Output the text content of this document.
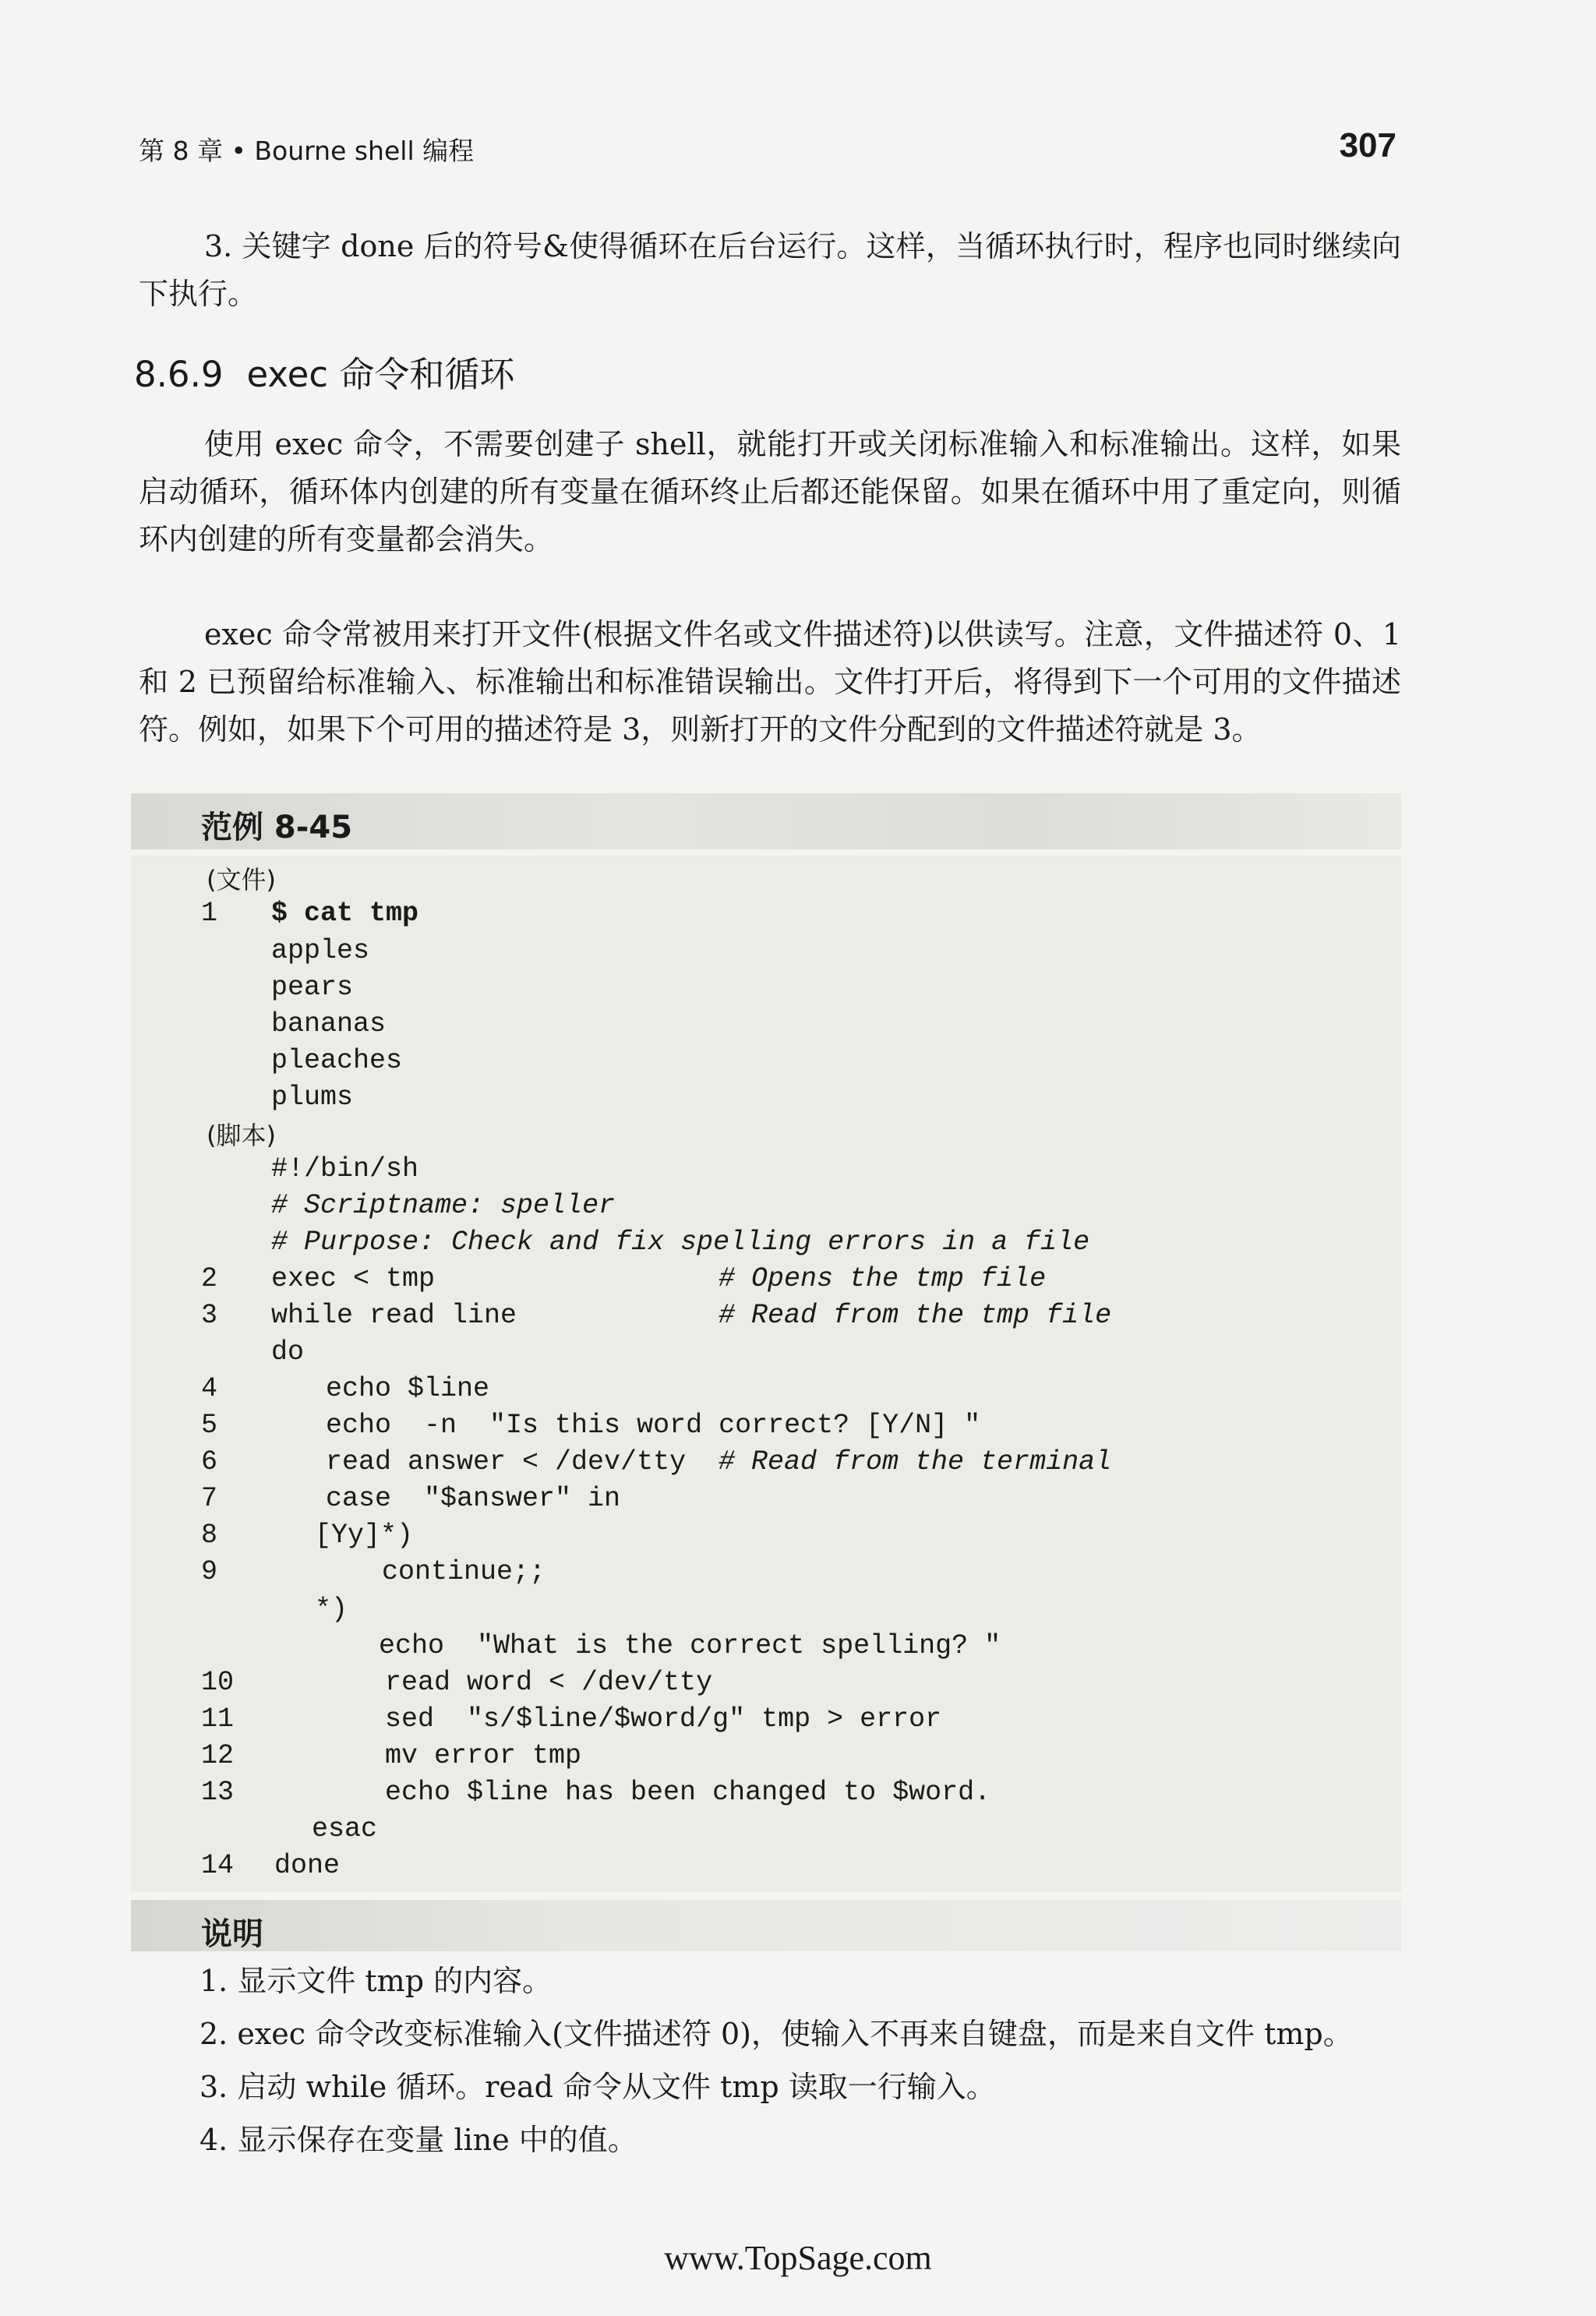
第 8 章 • Bourne shell 编程	307

3. 关键字 done 后的符号&使得循环在后台运行。这样，当循环执行时，程序也同时继续向下执行。

8.6.9 exec 命令和循环

使用 exec 命令，不需要创建子 shell，就能打开或关闭标准输入和标准输出。这样，如果启动循环，循环体内创建的所有变量在循环终止后都还能保留。如果在循环中用了重定向，则循环内创建的所有变量都会消失。

exec 命令常被用来打开文件(根据文件名或文件描述符)以供读写。注意，文件描述符 0、1 和 2 已预留给标准输入、标准输出和标准错误输出。文件打开后，将得到下一个可用的文件描述符。例如，如果下个可用的描述符是 3，则新打开的文件分配到的文件描述符就是 3。

范例 8-45
(文件)
(脚本)
1 $ cat tmp
apples
pears
bananas
pleaches
plums
#!/bin/sh
# Scriptname: speller
# Purpose: Check and fix spelling errors in a file
2 exec < tmp	# Opens the tmp file
3 while read line	# Read from the tmp file
do
4	echo $line
5	echo  -n  "Is this word correct? [Y/N] "
6	read answer < /dev/tty # Read from the terminal
7	case  "$answer" in
8	[Yy]*)
9	continue;;
*)
echo  "What is the correct spelling? "
10	read word < /dev/tty
11	sed  "s/$line/$word/g" tmp > error
12	mv error tmp
13	echo $line has been changed to $word.
esac
14 done
说明
1. 显示文件 tmp 的内容。
2. exec 命令改变标准输入(文件描述符 0)，使输入不再来自键盘，而是来自文件 tmp。
3. 启动 while 循环。read 命令从文件 tmp 读取一行输入。
4. 显示保存在变量 line 中的值。
www.TopSage.com
